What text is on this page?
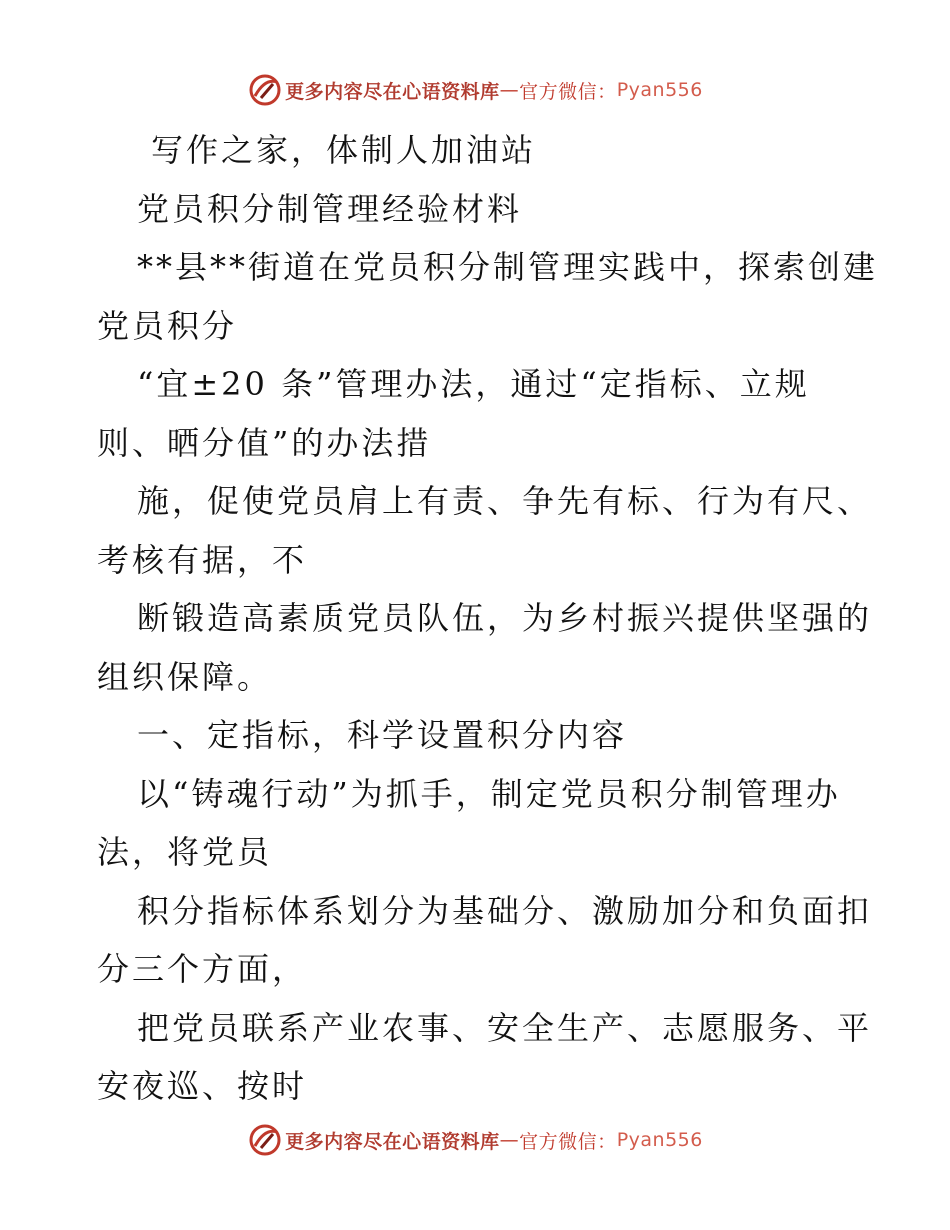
更多内容尽在心语资料库 — 官方微信： Pyan556
写作之家，体制人加油站
党员积分制管理经验材料
**县**街道在党员积分制管理实践中，探索创建
党员积分
“宜±20 条”管理办法，通过“定指标、立规
则、晒分值”的办法措
施，促使党员肩上有责、争先有标、行为有尺、
考核有据，不
断锻造高素质党员队伍，为乡村振兴提供坚强的
组织保障。
一、定指标，科学设置积分内容
以“铸魂行动”为抓手，制定党员积分制管理办
法，将党员
积分指标体系划分为基础分、激励加分和负面扣
分三个方面，
把党员联系产业农事、安全生产、志愿服务、平
安夜巡、按时
更多内容尽在心语资料库 — 官方微信： Pyan556
